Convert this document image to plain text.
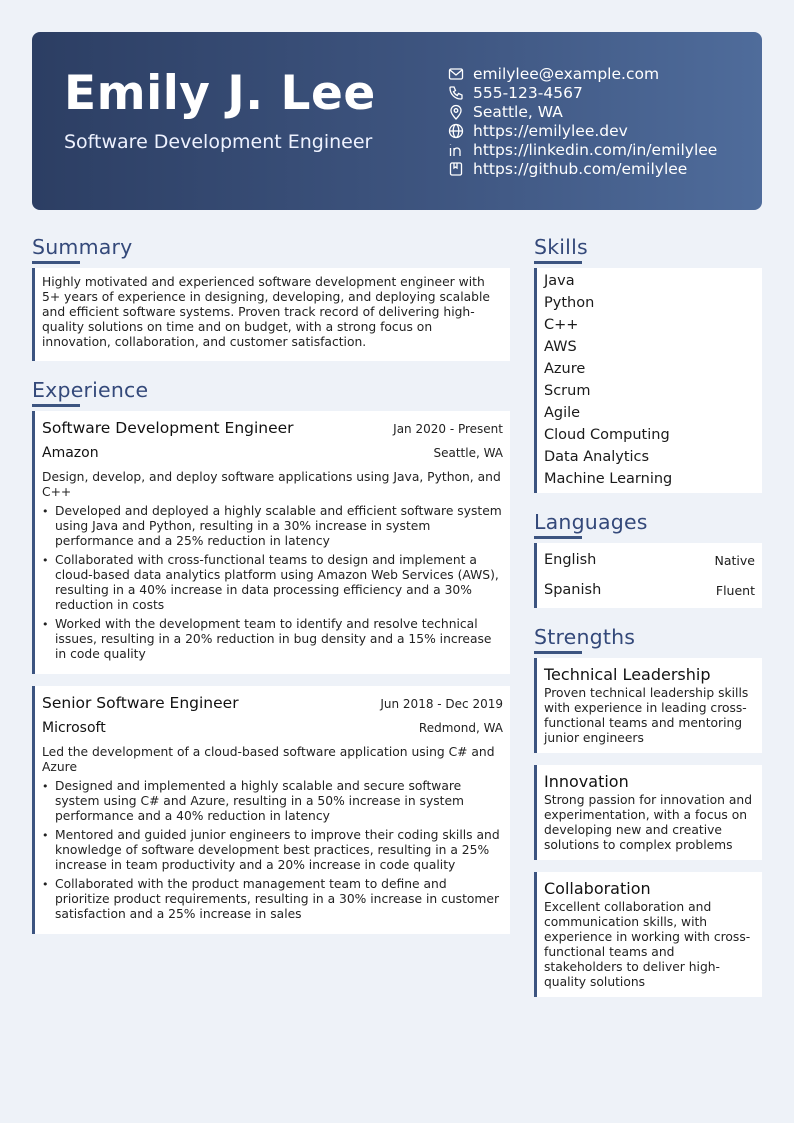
Emily J. Lee
Software Development Engineer
emilylee@example.com
555-123-4567
Seattle, WA
https://emilylee.dev
https://linkedin.com/in/emilylee
https://github.com/emilylee
Summary
Highly motivated and experienced software development engineer with 5+ years of experience in designing, developing, and deploying scalable and efficient software systems. Proven track record of delivering high-quality solutions on time and on budget, with a strong focus on innovation, collaboration, and customer satisfaction.
Experience
Software Development Engineer	Jan 2020 - Present
Amazon	Seattle, WA
Design, develop, and deploy software applications using Java, Python, and C++
• Developed and deployed a highly scalable and efficient software system using Java and Python, resulting in a 30% increase in system performance and a 25% reduction in latency
• Collaborated with cross-functional teams to design and implement a cloud-based data analytics platform using Amazon Web Services (AWS), resulting in a 40% increase in data processing efficiency and a 30% reduction in costs
• Worked with the development team to identify and resolve technical issues, resulting in a 20% reduction in bug density and a 15% increase in code quality
Senior Software Engineer	Jun 2018 - Dec 2019
Microsoft	Redmond, WA
Led the development of a cloud-based software application using C# and Azure
• Designed and implemented a highly scalable and secure software system using C# and Azure, resulting in a 50% increase in system performance and a 40% reduction in latency
• Mentored and guided junior engineers to improve their coding skills and knowledge of software development best practices, resulting in a 25% increase in team productivity and a 20% increase in code quality
• Collaborated with the product management team to define and prioritize product requirements, resulting in a 30% increase in customer satisfaction and a 25% increase in sales
Skills
Java
Python
C++
AWS
Azure
Scrum
Agile
Cloud Computing
Data Analytics
Machine Learning
Languages
English	Native
Spanish	Fluent
Strengths
Technical Leadership
Proven technical leadership skills with experience in leading cross-functional teams and mentoring junior engineers
Innovation
Strong passion for innovation and experimentation, with a focus on developing new and creative solutions to complex problems
Collaboration
Excellent collaboration and communication skills, with experience in working with cross-functional teams and stakeholders to deliver high-quality solutions
